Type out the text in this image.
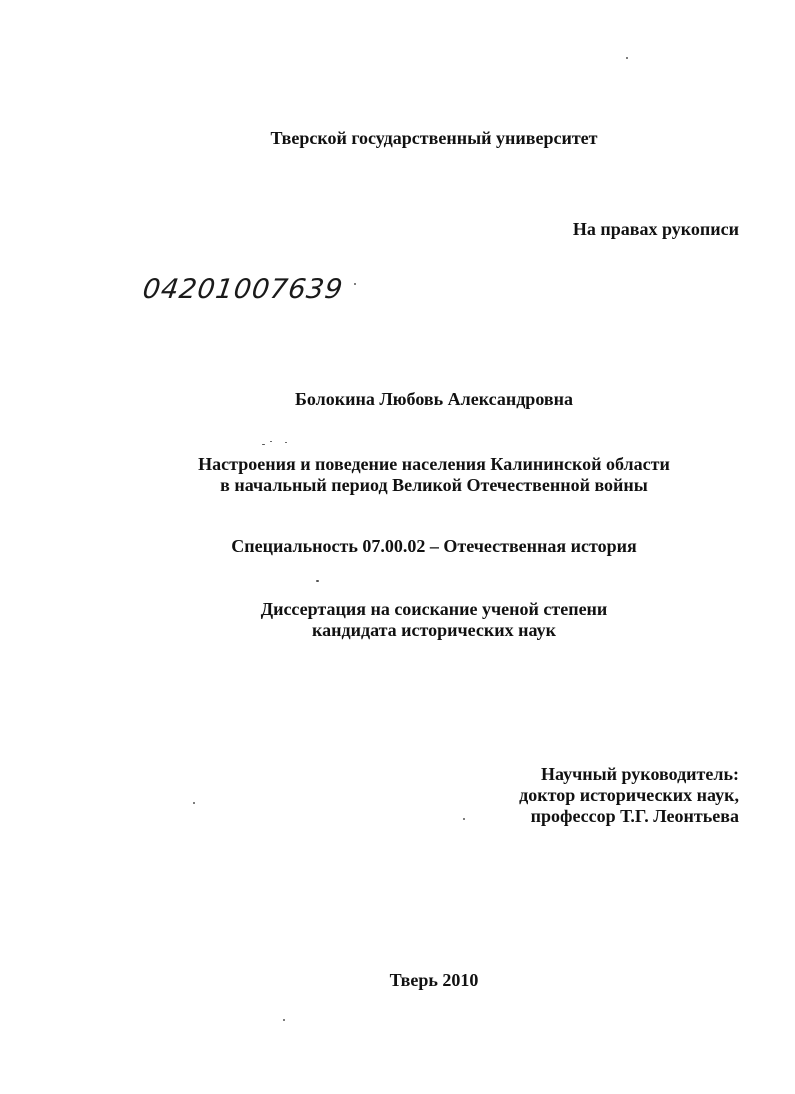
Тверской государственный университет
На правах рукописи
04201007639
Болокина Любовь Александровна
Настроения и поведение населения Калининской области
в начальный период Великой Отечественной войны
Специальность 07.00.02 – Отечественная история
Диссертация на соискание ученой степени
кандидата исторических наук
Научный руководитель:
доктор исторических наук,
профессор Т.Г. Леонтьева
Тверь 2010
